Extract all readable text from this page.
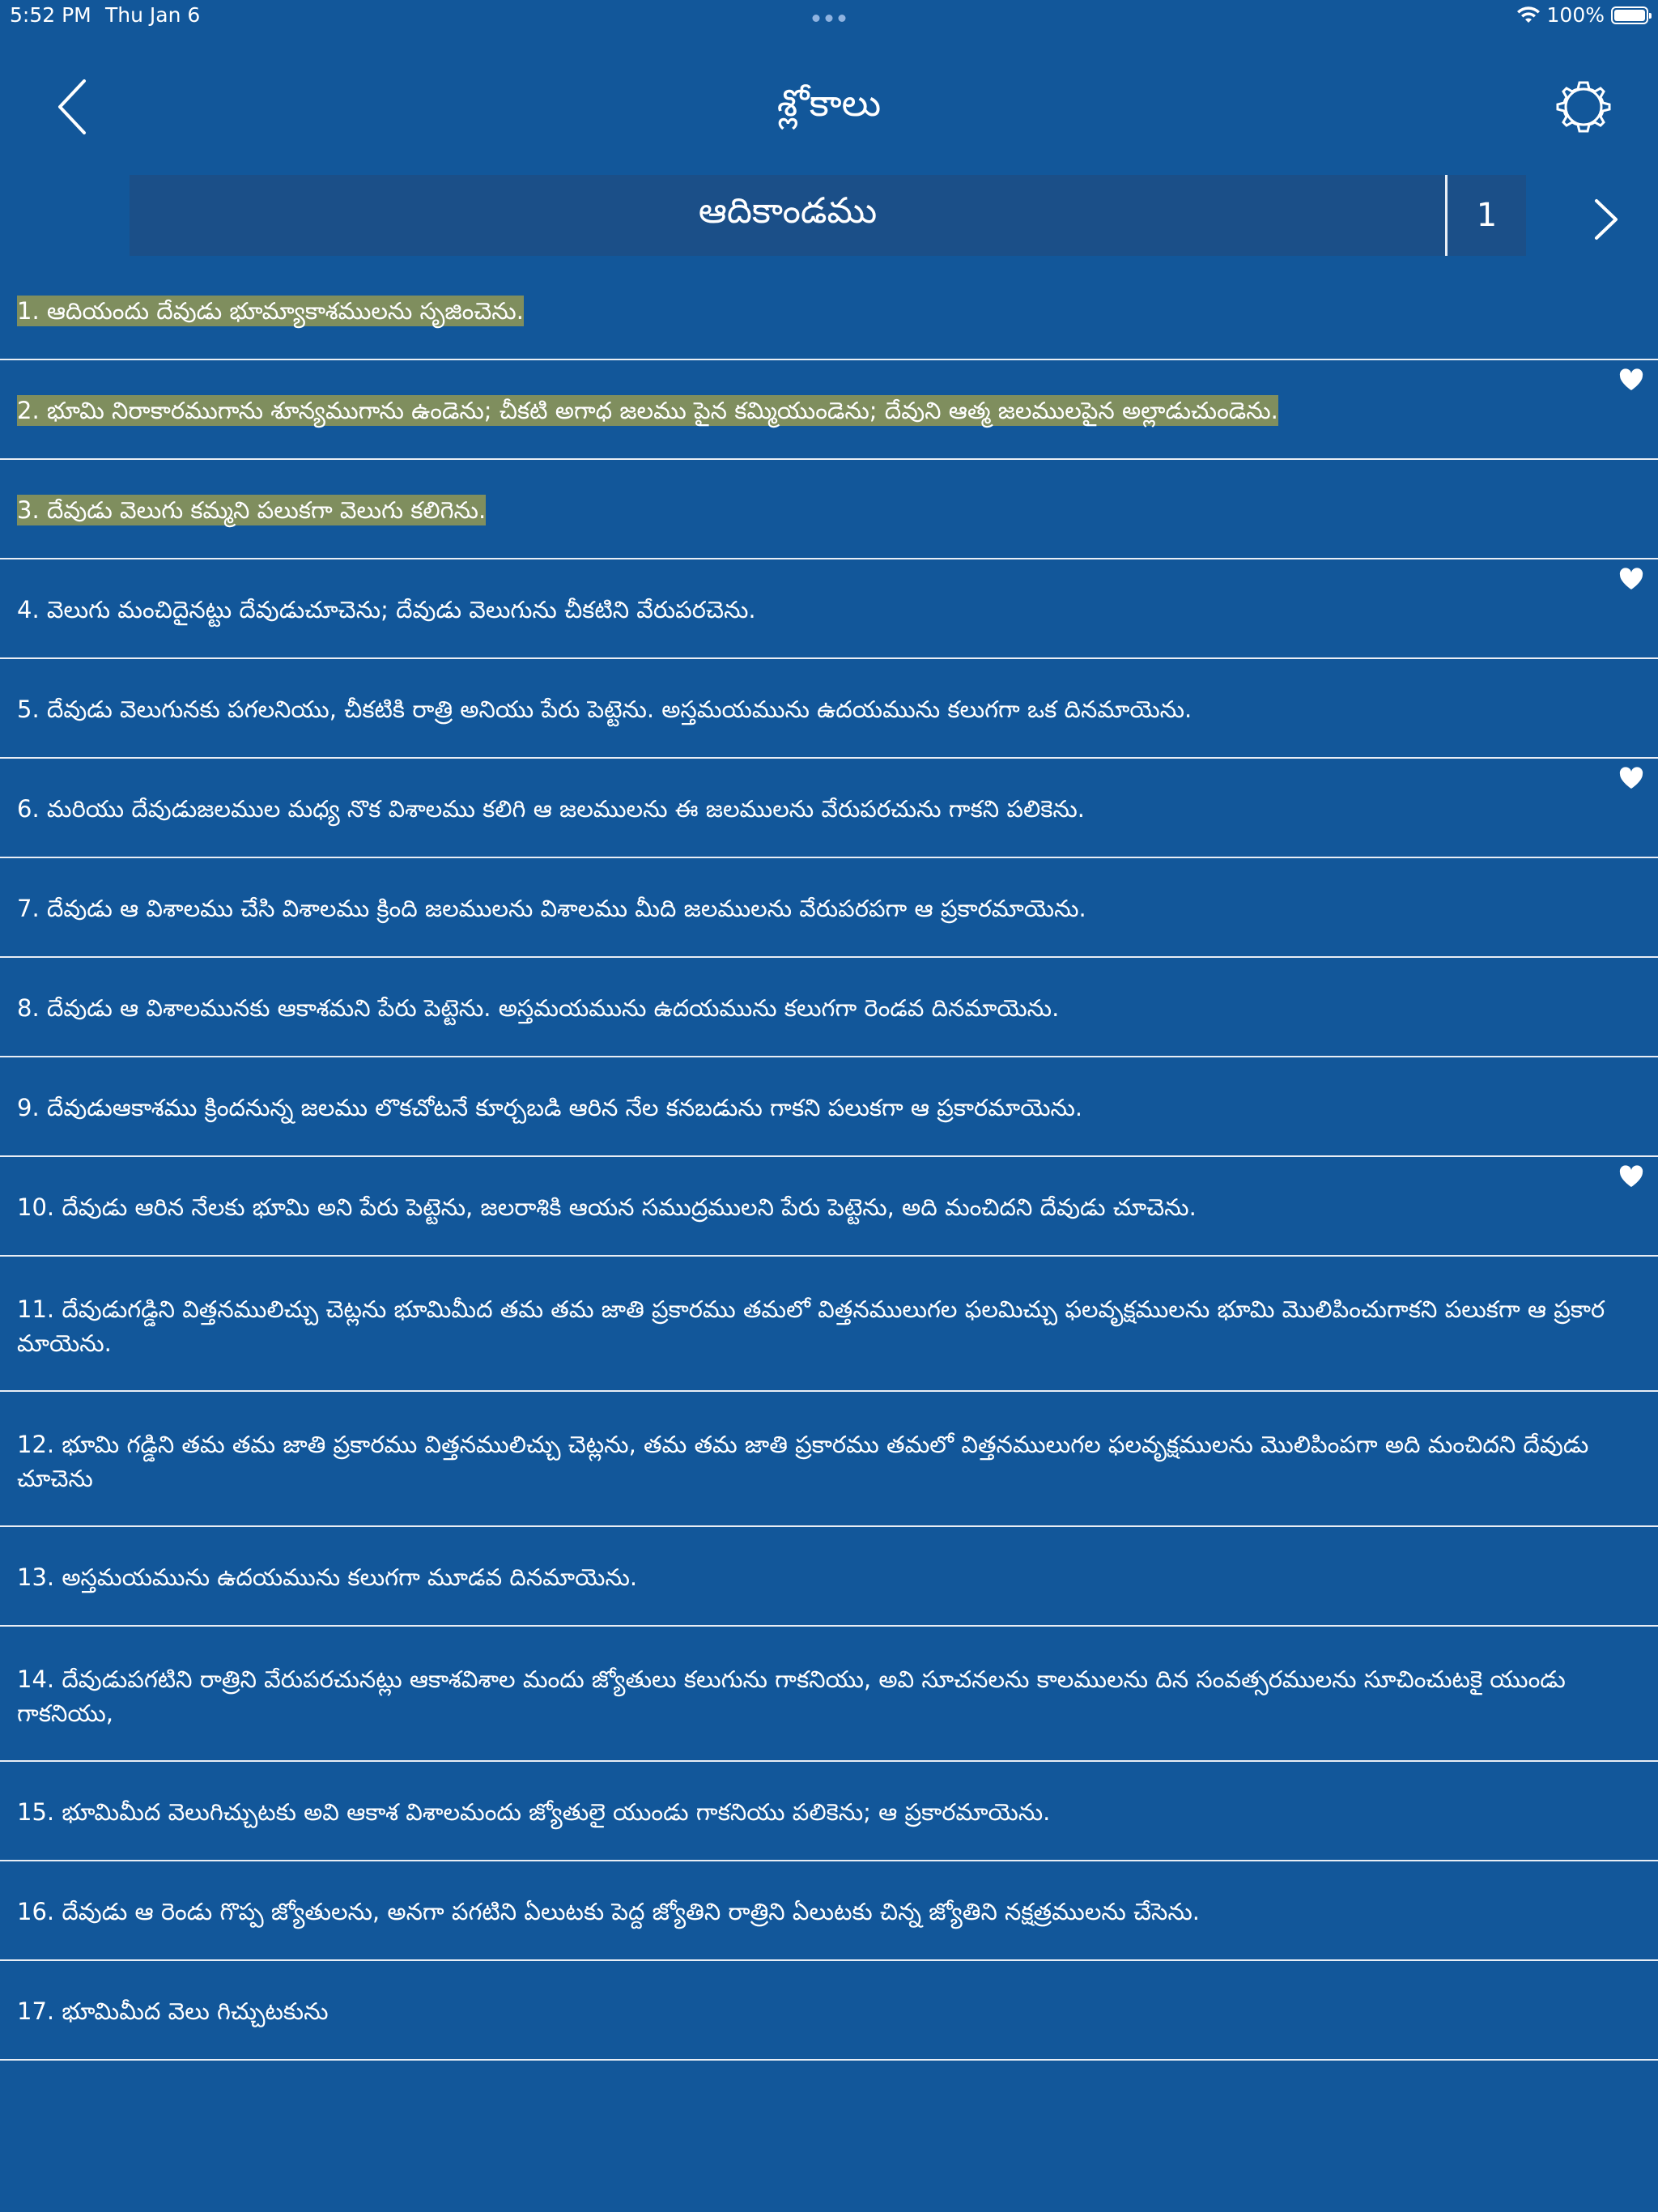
5:52 PM Thu Jan 6	100%
శ్లోకాలు
ఆదికాండము	1
1. ఆదియందు దేవుడు భూమ్యాకాశములను సృజించెను.
2. భూమి నిరాకారముగాను శూన్యముగాను ఉండెను; చీకటి అగాధ జలము పైన కమ్మియుండెను; దేవుని ఆత్మ జలములపైన అల్లాడుచుండెను.
3. దేవుడు వెలుగు కమ్మని పలుకగా వెలుగు కలిగెను.
4. వెలుగు మంచిదైనట్టు దేవుడుచూచెను; దేవుడు వెలుగును చీకటిని వేరుపరచెను.
5. దేవుడు వెలుగునకు పగలనియు, చీకటికి రాత్రి అనియు పేరు పెట్టెను. అస్తమయమును ఉదయమును కలుగగా ఒక దినమాయెను.
6. మరియు దేవుడుజలముల మధ్య నొక విశాలము కలిగి ఆ జలములను ఈ జలములను వేరుపరచును గాకని పలికెను.
7. దేవుడు ఆ విశాలము చేసి విశాలము క్రింది జలములను విశాలము మీది జలములను వేరుపరపగా ఆ ప్రకారమాయెను.
8. దేవుడు ఆ విశాలమునకు ఆకాశమని పేరు పెట్టెను. అస్తమయమును ఉదయమును కలుగగా రెండవ దినమాయెను.
9. దేవుడుఆకాశము క్రిందనున్న జలము లొకచోటనే కూర్చబడి ఆరిన నేల కనబడును గాకని పలుకగా ఆ ప్రకారమాయెను.
10. దేవుడు ఆరిన నేలకు భూమి అని పేరు పెట్టెను, జలరాశికి ఆయన సముద్రములని పేరు పెట్టెను, అది మంచిదని దేవుడు చూచెను.
11. దేవుడుగడ్డిని విత్తనములిచ్చు చెట్లను భూమిమీద తమ తమ జాతి ప్రకారము తమలో విత్తనములుగల ఫలమిచ్చు ఫలవృక్షములను భూమి మొలిపించుగాకని పలుకగా ఆ ప్రకార మాయెను.
12. భూమి గడ్డిని తమ తమ జాతి ప్రకారము విత్తనములిచ్చు చెట్లను, తమ తమ జాతి ప్రకారము తమలో విత్తనములుగల ఫలవృక్షములను మొలిపింపగా అది మంచిదని దేవుడు చూచెను
13. అస్తమయమును ఉదయమును కలుగగా మూడవ దినమాయెను.
14. దేవుడుపగటిని రాత్రిని వేరుపరచునట్లు ఆకాశవిశాల మందు జ్యోతులు కలుగును గాకనియు, అవి సూచనలను కాలములను దిన సంవత్సరములను సూచించుటకై యుండు గాకనియు,
15. భూమిమీద వెలుగిచ్చుటకు అవి ఆకాశ విశాలమందు జ్యోతులై యుండు గాకనియు పలికెను; ఆ ప్రకారమాయెను.
16. దేవుడు ఆ రెండు గొప్ప జ్యోతులను, అనగా పగటిని ఏలుటకు పెద్ద జ్యోతిని రాత్రిని ఏలుటకు చిన్న జ్యోతిని నక్షత్రములను చేసెను.
17. భూమిమీద వెలు గిచ్చుటకును
